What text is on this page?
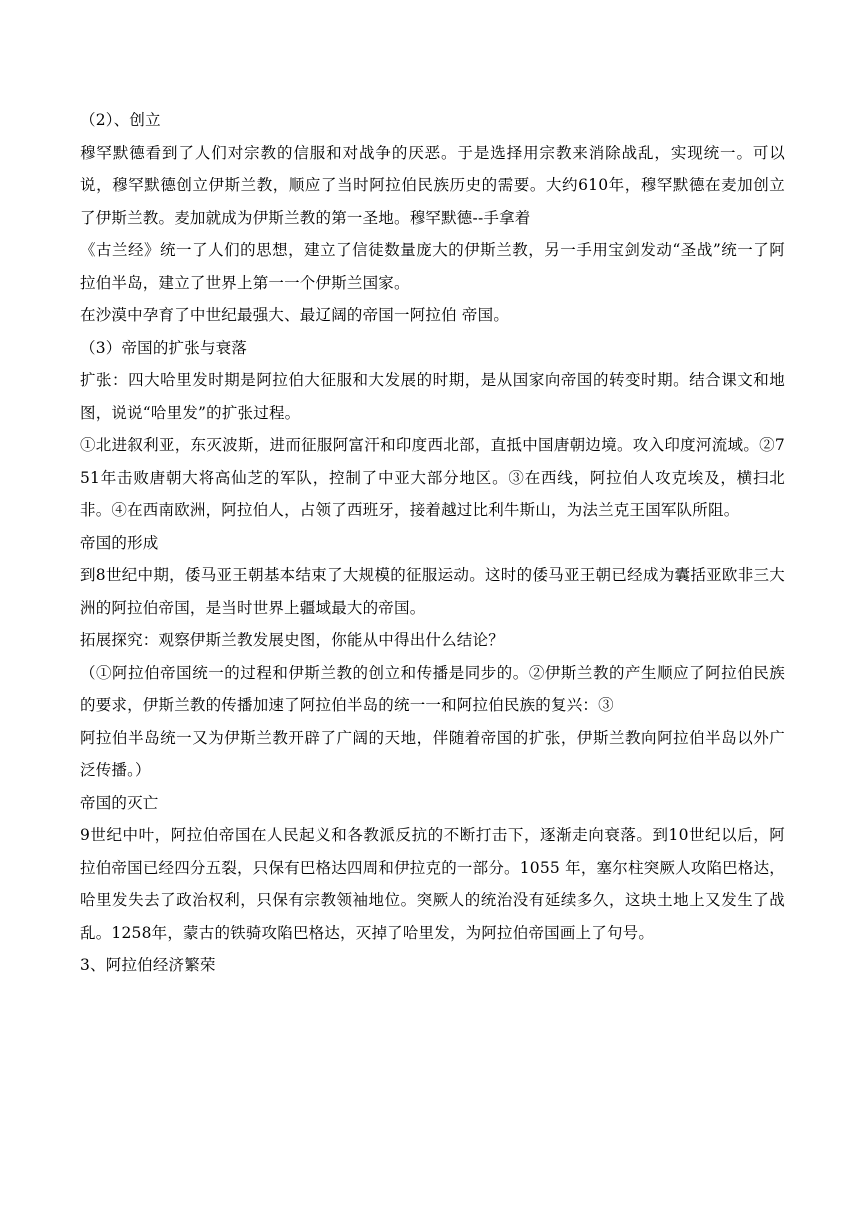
（2）、创立

穆罕默德看到了人们对宗教的信服和对战争的厌恶。于是选择用宗教来消除战乱，实现统一。可以说，穆罕默德创立伊斯兰教，顺应了当时阿拉伯民族历史的需要。大约610年，穆罕默德在麦加创立了伊斯兰教。麦加就成为伊斯兰教的第一圣地。穆罕默德--手拿着

《古兰经》统一了人们的思想，建立了信徒数量庞大的伊斯兰教，另一手用宝剑发动“圣战”统一了阿拉伯半岛，建立了世界上第一一个伊斯兰国家。

在沙漠中孕育了中世纪最强大、最辽阔的帝国一阿拉伯 帝国。

（3）帝国的扩张与衰落

扩张：四大哈里发时期是阿拉伯大征服和大发展的时期，是从国家向帝国的转变时期。结合课文和地图，说说“哈里发”的扩张过程。

①北进叙利亚，东灭波斯，进而征服阿富汗和印度西北部，直抵中国唐朝边境。攻入印度河流域。②751年击败唐朝大将高仙芝的军队，控制了中亚大部分地区。③在西线，阿拉伯人攻克埃及，横扫北非。④在西南欧洲，阿拉伯人，占领了西班牙，接着越过比利牛斯山，为法兰克王国军队所阻。

帝国的形成

到8世纪中期，倭马亚王朝基本结束了大规模的征服运动。这时的倭马亚王朝已经成为囊括亚欧非三大洲的阿拉伯帝国，是当时世界上疆域最大的帝国。

拓展探究：观察伊斯兰教发展史图，你能从中得出什么结论？

（①阿拉伯帝国统一的过程和伊斯兰教的创立和传播是同步的。②伊斯兰教的产生顺应了阿拉伯民族的要求，伊斯兰教的传播加速了阿拉伯半岛的统一一和阿拉伯民族的复兴：③

阿拉伯半岛统一又为伊斯兰教开辟了广阔的天地，伴随着帝国的扩张，伊斯兰教向阿拉伯半岛以外广泛传播。）

帝国的灭亡

9世纪中叶，阿拉伯帝国在人民起义和各教派反抗的不断打击下，逐渐走向衰落。到10世纪以后，阿拉伯帝国已经四分五裂，只保有巴格达四周和伊拉克的一部分。1055 年，塞尔柱突厥人攻陷巴格达，哈里发失去了政治权利，只保有宗教领袖地位。突厥人的统治没有延续多久，这块土地上又发生了战乱。1258年，蒙古的铁骑攻陷巴格达，灭掉了哈里发，为阿拉伯帝国画上了句号。

3、阿拉伯经济繁荣
